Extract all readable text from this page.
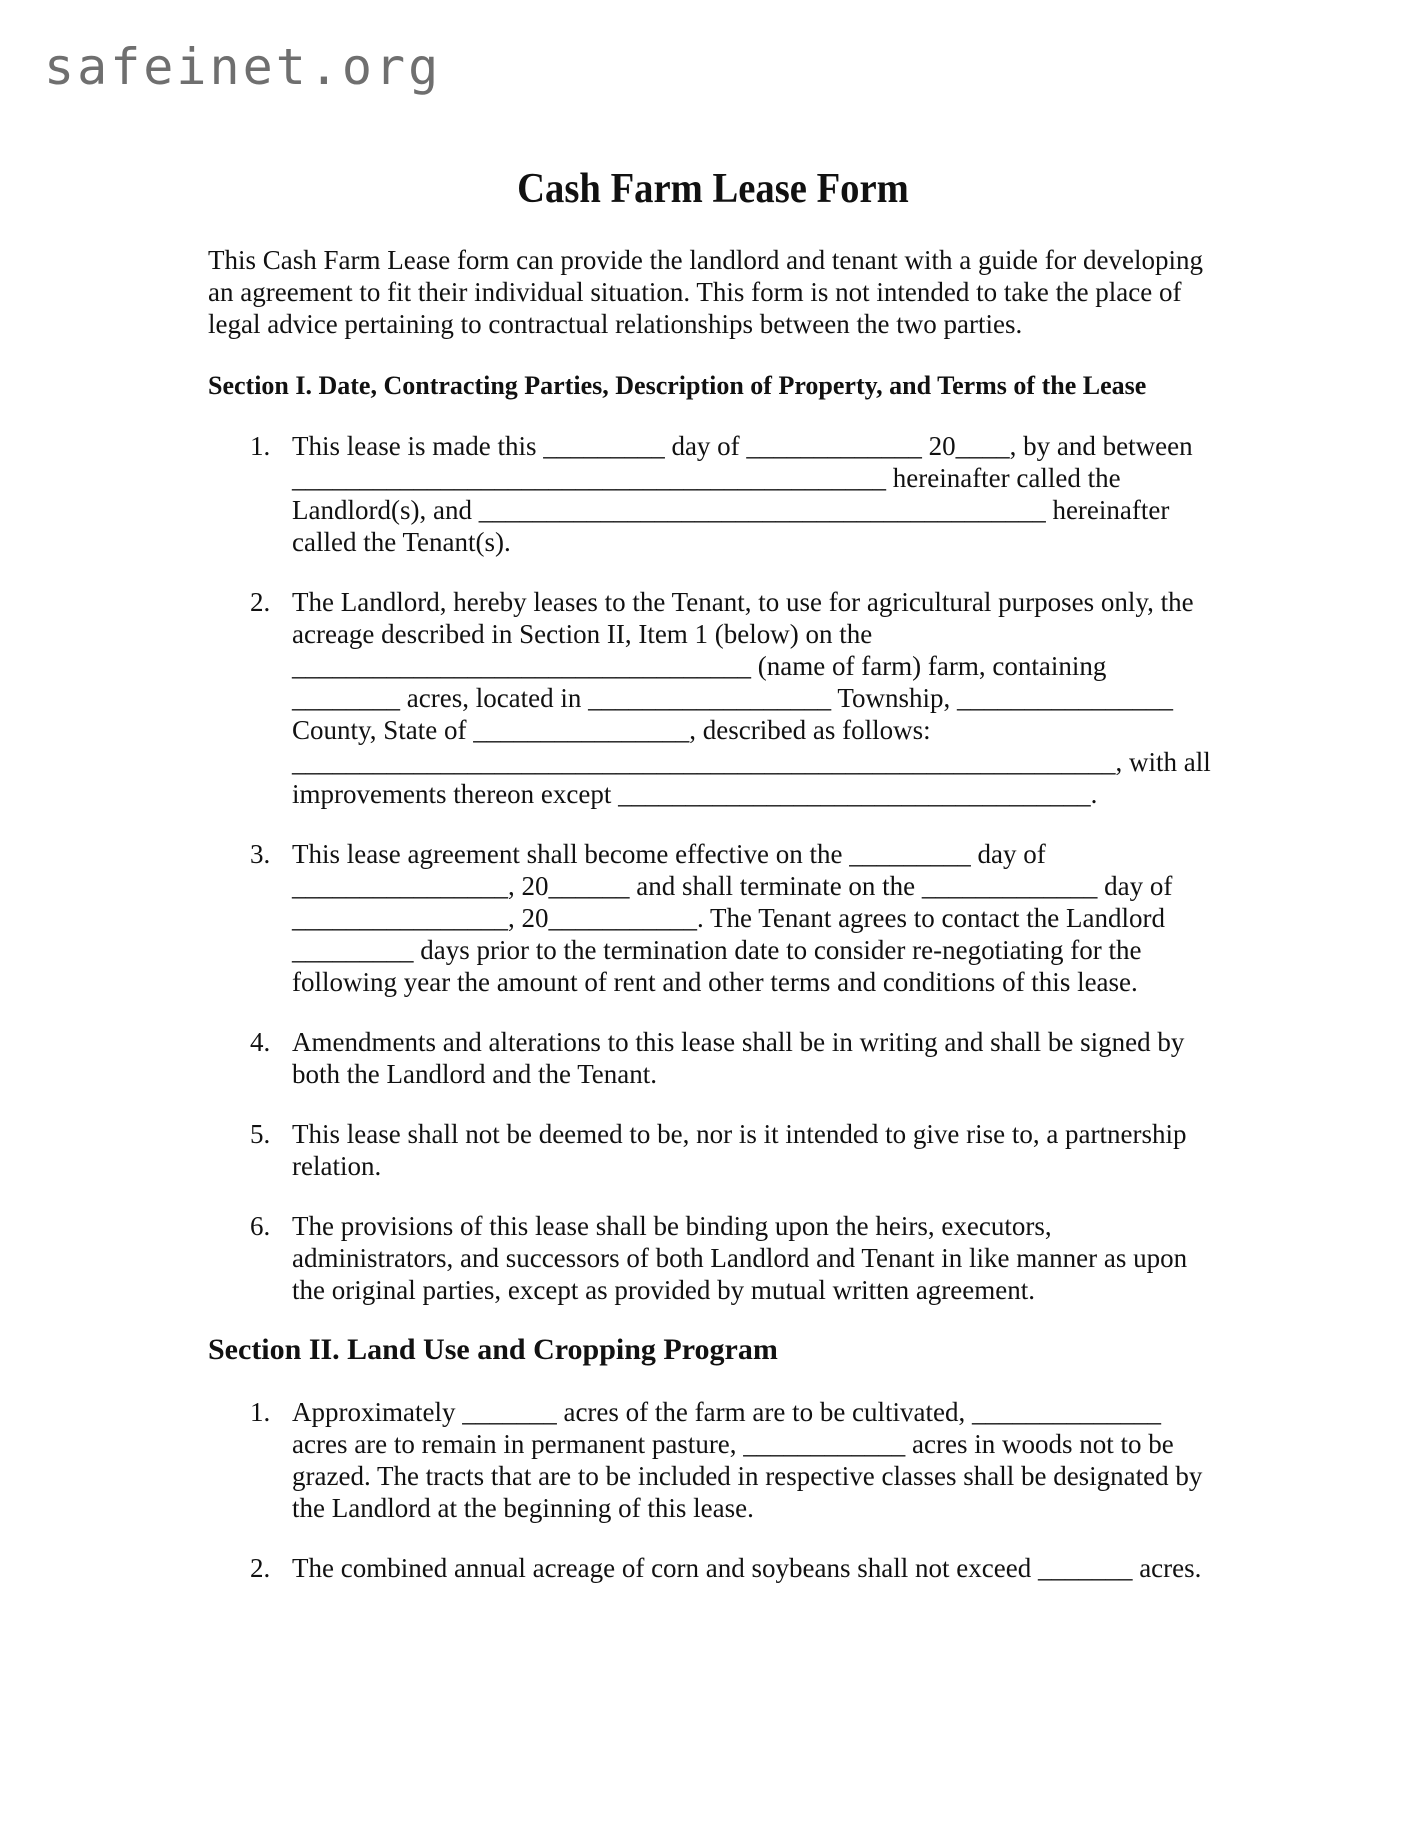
safeinet.org
Cash Farm Lease Form

This Cash Farm Lease form can provide the landlord and tenant with a guide for developing an agreement to fit their individual situation. This form is not intended to take the place of legal advice pertaining to contractual relationships between the two parties.

Section I. Date, Contracting Parties, Description of Property, and Terms of the Lease
1. This lease is made this _________ day of _____________ 20____, by and between ____________________________________________ hereinafter called the Landlord(s), and __________________________________________ hereinafter called the Tenant(s).
2. The Landlord, hereby leases to the Tenant, to use for agricultural purposes only, the acreage described in Section II, Item 1 (below) on the __________________________________ (name of farm) farm, containing ________ acres, located in __________________ Township, ________________ County, State of ________________, described as follows: _____________________________________________________________, with all improvements thereon except ___________________________________.
3. This lease agreement shall become effective on the _________ day of ________________, 20______ and shall terminate on the _____________ day of ________________, 20___________. The Tenant agrees to contact the Landlord _________ days prior to the termination date to consider re-negotiating for the following year the amount of rent and other terms and conditions of this lease.
4. Amendments and alterations to this lease shall be in writing and shall be signed by both the Landlord and the Tenant.
5. This lease shall not be deemed to be, nor is it intended to give rise to, a partnership relation.
6. The provisions of this lease shall be binding upon the heirs, executors, administrators, and successors of both Landlord and Tenant in like manner as upon the original parties, except as provided by mutual written agreement.
Section II. Land Use and Cropping Program
1. Approximately _______ acres of the farm are to be cultivated, ______________ acres are to remain in permanent pasture, ____________ acres in woods not to be grazed. The tracts that are to be included in respective classes shall be designated by the Landlord at the beginning of this lease.
2. The combined annual acreage of corn and soybeans shall not exceed _______ acres.
